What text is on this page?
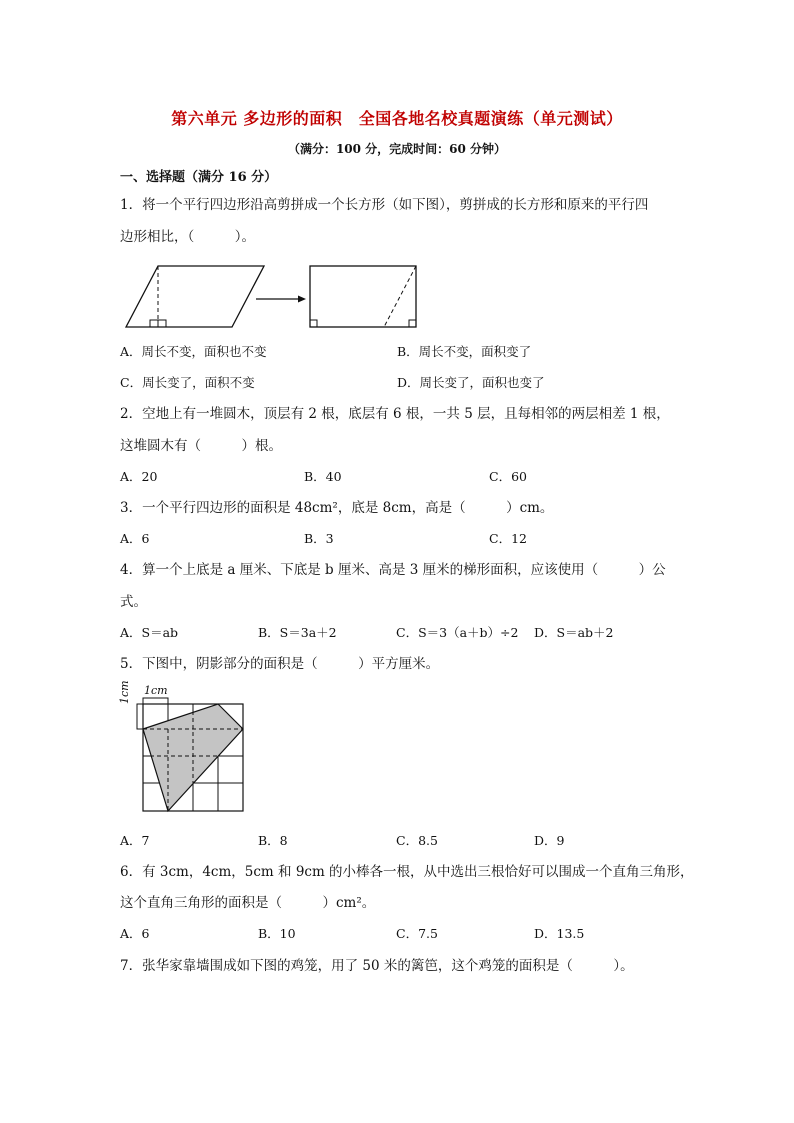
第六单元 多边形的面积　全国各地名校真题演练（单元测试）
（满分：100 分，完成时间：60 分钟）
一、选择题（满分 16 分）
1．将一个平行四边形沿高剪拼成一个长方形（如下图），剪拼成的长方形和原来的平行四
边形相比，（　　　）。
A．周长不变，面积也不变	B．周长不变，面积变了
C．周长变了，面积不变	D．周长变了，面积也变了
2．空地上有一堆圆木，顶层有 2 根，底层有 6 根，一共 5 层，且每相邻的两层相差 1 根，
这堆圆木有（　　　）根。
A．20	B．40	C．60
3．一个平行四边形的面积是 48cm²，底是 8cm，高是（　　　）cm。
A．6	B．3	C．12
4．算一个上底是 a 厘米、下底是 b 厘米、高是 3 厘米的梯形面积，应该使用（　　　）公
式。
A．S＝ab	B．S＝3a＋2	C．S＝3（a＋b）÷2 D．S＝ab＋2
5．下图中，阴影部分的面积是（　　　）平方厘米。
1cm
1cm
A．7	B．8	C．8.5	D．9
6．有 3cm，4cm，5cm 和 9cm 的小棒各一根，从中选出三根恰好可以围成一个直角三角形，
这个直角三角形的面积是（　　　）cm²。
A．6	B．10	C．7.5	D．13.5
7．张华家靠墙围成如下图的鸡笼，用了 50 米的篱笆，这个鸡笼的面积是（　　　）。
